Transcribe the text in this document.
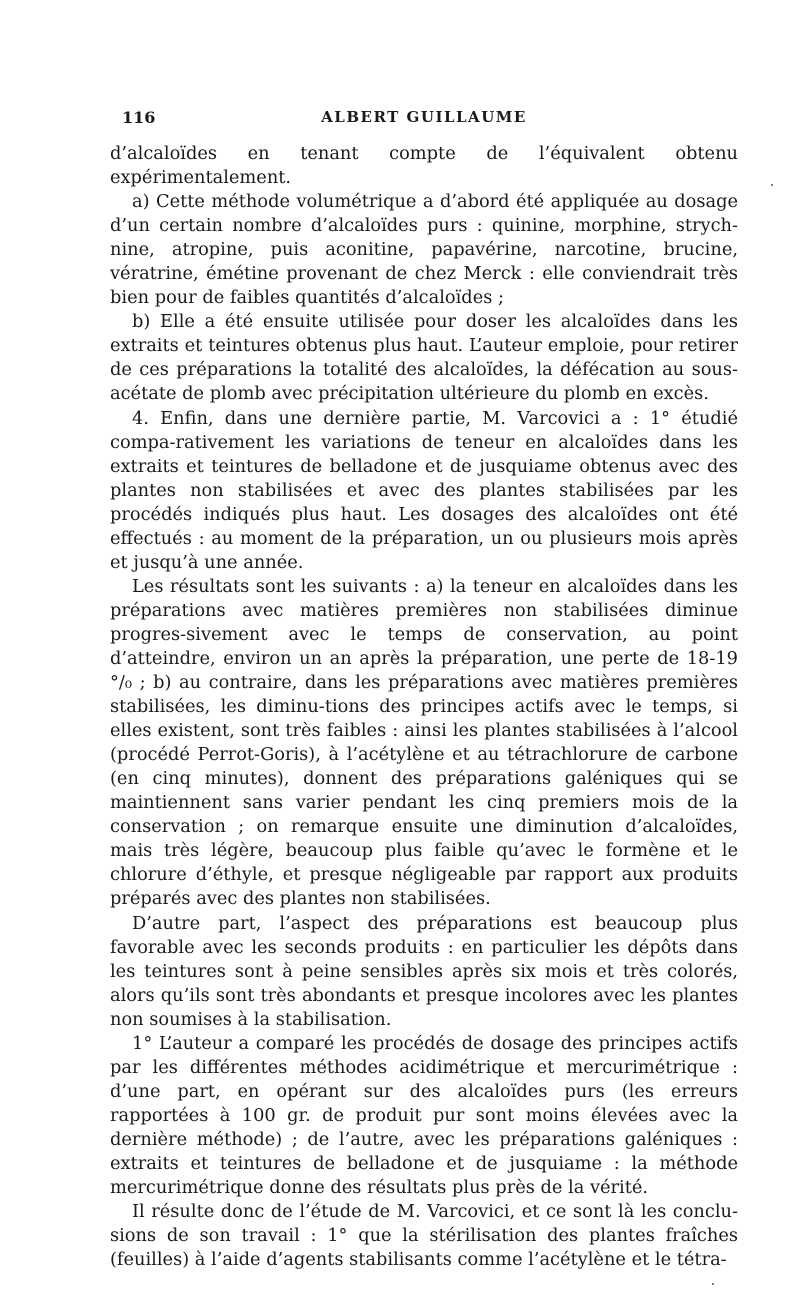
116	ALBERT GUILLAUME

d’alcaloïdes en tenant compte de l’équivalent obtenu expérimentalement.

a) Cette méthode volumétrique a d’abord été appliquée au dosage d’un certain nombre d’alcaloïdes purs : quinine, morphine, strych-nine, atropine, puis aconitine, papavérine, narcotine, brucine, vératrine, émétine provenant de chez Merck : elle conviendrait très bien pour de faibles quantités d’alcaloïdes ;

b) Elle a été ensuite utilisée pour doser les alcaloïdes dans les extraits et teintures obtenus plus haut. L’auteur emploie, pour retirer de ces préparations la totalité des alcaloïdes, la défécation au sous-acétate de plomb avec précipitation ultérieure du plomb en excès.

4. Enfin, dans une dernière partie, M. Varcovici a : 1° étudié compa-rativement les variations de teneur en alcaloïdes dans les extraits et teintures de belladone et de jusquiame obtenus avec des plantes non stabilisées et avec des plantes stabilisées par les procédés indiqués plus haut. Les dosages des alcaloïdes ont été effectués : au moment de la préparation, un ou plusieurs mois après et jusqu’à une année.

Les résultats sont les suivants : a) la teneur en alcaloïdes dans les préparations avec matières premières non stabilisées diminue progres-sivement avec le temps de conservation, au point d’atteindre, environ un an après la préparation, une perte de 18-19 °/₀ ; b) au contraire, dans les préparations avec matières premières stabilisées, les diminu-tions des principes actifs avec le temps, si elles existent, sont très faibles : ainsi les plantes stabilisées à l’alcool (procédé Perrot-Goris), à l’acétylène et au tétrachlorure de carbone (en cinq minutes), donnent des préparations galéniques qui se maintiennent sans varier pendant les cinq premiers mois de la conservation ; on remarque ensuite une diminution d’alcaloïdes, mais très légère, beaucoup plus faible qu’avec le formène et le chlorure d’éthyle, et presque négligeable par rapport aux produits préparés avec des plantes non stabilisées.

D’autre part, l’aspect des préparations est beaucoup plus favorable avec les seconds produits : en particulier les dépôts dans les teintures sont à peine sensibles après six mois et très colorés, alors qu’ils sont très abondants et presque incolores avec les plantes non soumises à la stabilisation.

1° L’auteur a comparé les procédés de dosage des principes actifs par les différentes méthodes acidimétrique et mercurimétrique : d’une part, en opérant sur des alcaloïdes purs (les erreurs rapportées à 100 gr. de produit pur sont moins élevées avec la dernière méthode) ; de l’autre, avec les préparations galéniques : extraits et teintures de belladone et de jusquiame : la méthode mercurimétrique donne des résultats plus près de la vérité.

Il résulte donc de l’étude de M. Varcovici, et ce sont là les conclu-sions de son travail : 1° que la stérilisation des plantes fraîches (feuilles) à l’aide d’agents stabilisants comme l’acétylène et le tétra-
